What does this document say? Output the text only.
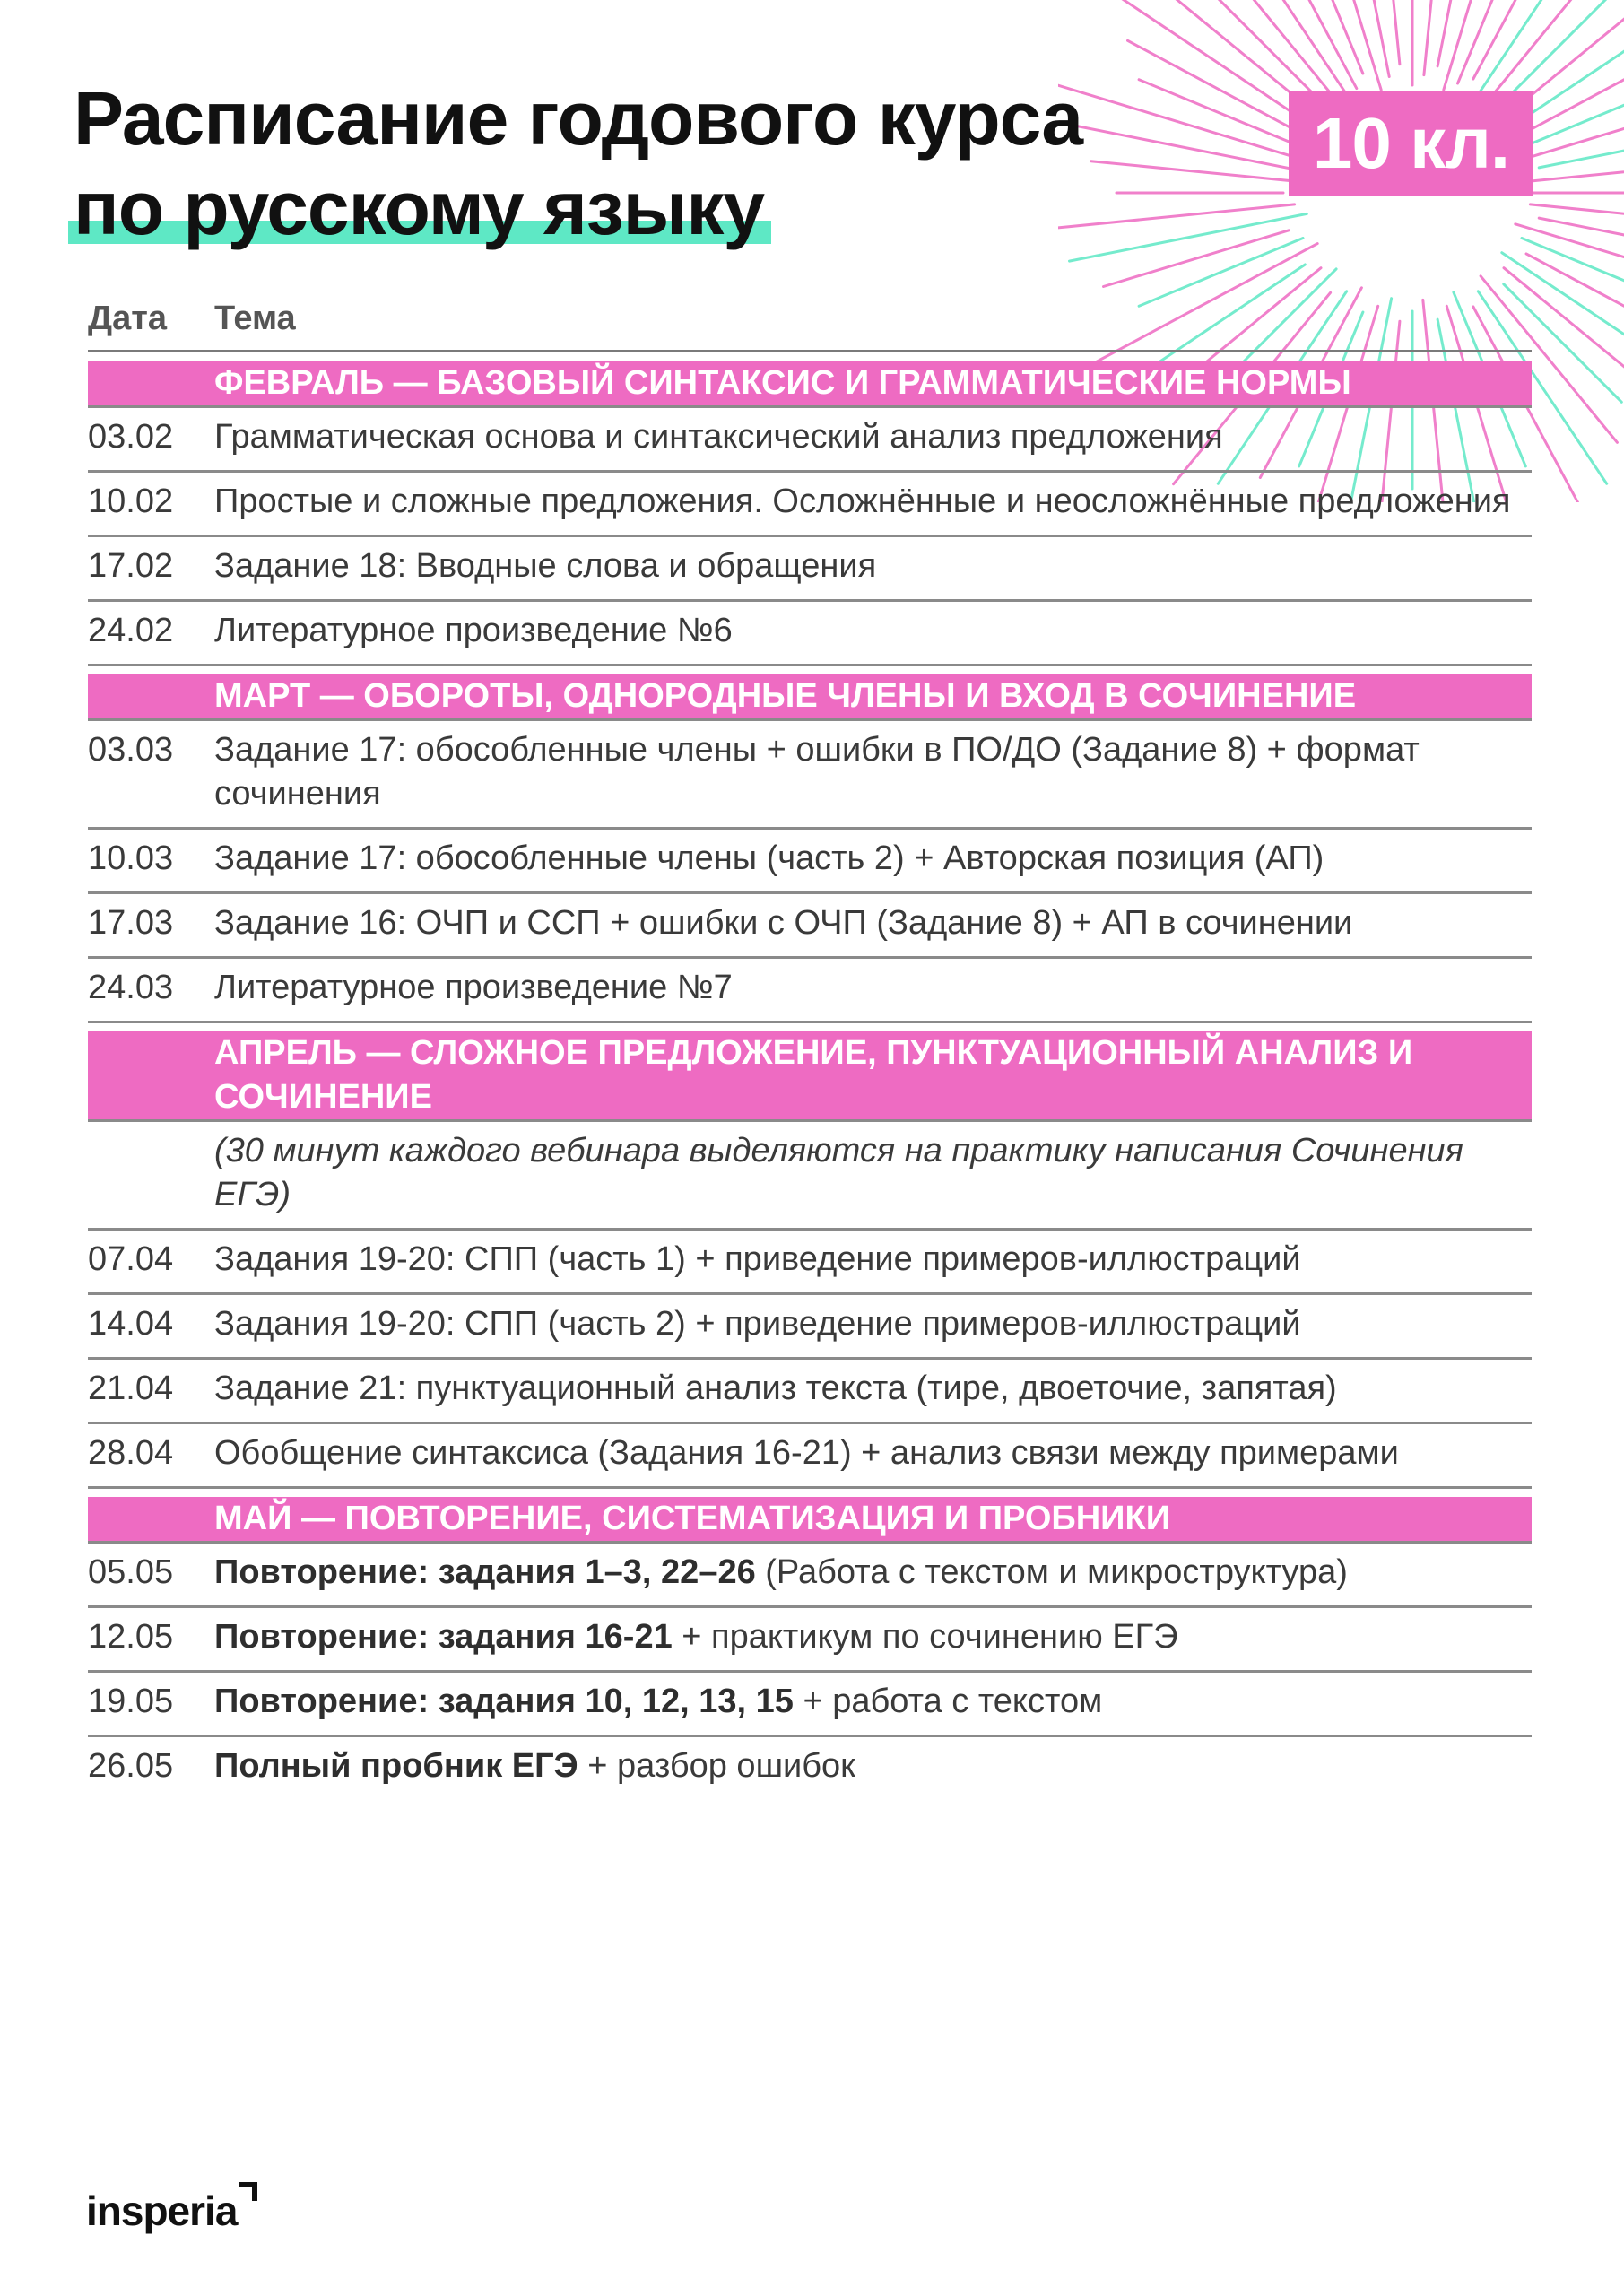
Расписание годового курса
по русскому языку
10 кл.
Дата	Тема
ФЕВРАЛЬ — БАЗОВЫЙ СИНТАКСИС И ГРАММАТИЧЕСКИЕ НОРМЫ
03.02	Грамматическая основа и синтаксический анализ предложения
10.02	Простые и сложные предложения. Осложнённые и неосложнённые предложения
17.02	Задание 18: Вводные слова и обращения
24.02	Литературное произведение №6
МАРТ — ОБОРОТЫ, ОДНОРОДНЫЕ ЧЛЕНЫ И ВХОД В СОЧИНЕНИЕ
03.03	Задание 17: обособленные члены + ошибки в ПО/ДО (Задание 8) + формат сочинения
10.03	Задание 17: обособленные члены (часть 2) + Авторская позиция (АП)
17.03	Задание 16: ОЧП и ССП + ошибки с ОЧП (Задание 8) + АП в сочинении
24.03	Литературное произведение №7
АПРЕЛЬ — СЛОЖНОЕ ПРЕДЛОЖЕНИЕ, ПУНКТУАЦИОННЫЙ АНАЛИЗ И СОЧИНЕНИЕ
(30 минут каждого вебинара выделяются на практику написания Сочинения ЕГЭ)
07.04	Задания 19-20: СПП (часть 1) + приведение примеров-иллюстраций
14.04	Задания 19-20: СПП (часть 2) + приведение примеров-иллюстраций
21.04	Задание 21: пунктуационный анализ текста (тире, двоеточие, запятая)
28.04	Обобщение синтаксиса (Задания 16-21) + анализ связи между примерами
МАЙ — ПОВТОРЕНИЕ, СИСТЕМАТИЗАЦИЯ И ПРОБНИКИ
05.05	Повторение: задания 1–3, 22–26 (Работа с текстом и микроструктура)
12.05	Повторение: задания 16-21 + практикум по сочинению ЕГЭ
19.05	Повторение: задания 10, 12, 13, 15 + работа с текстом
26.05	Полный пробник ЕГЭ + разбор ошибок
insperia
